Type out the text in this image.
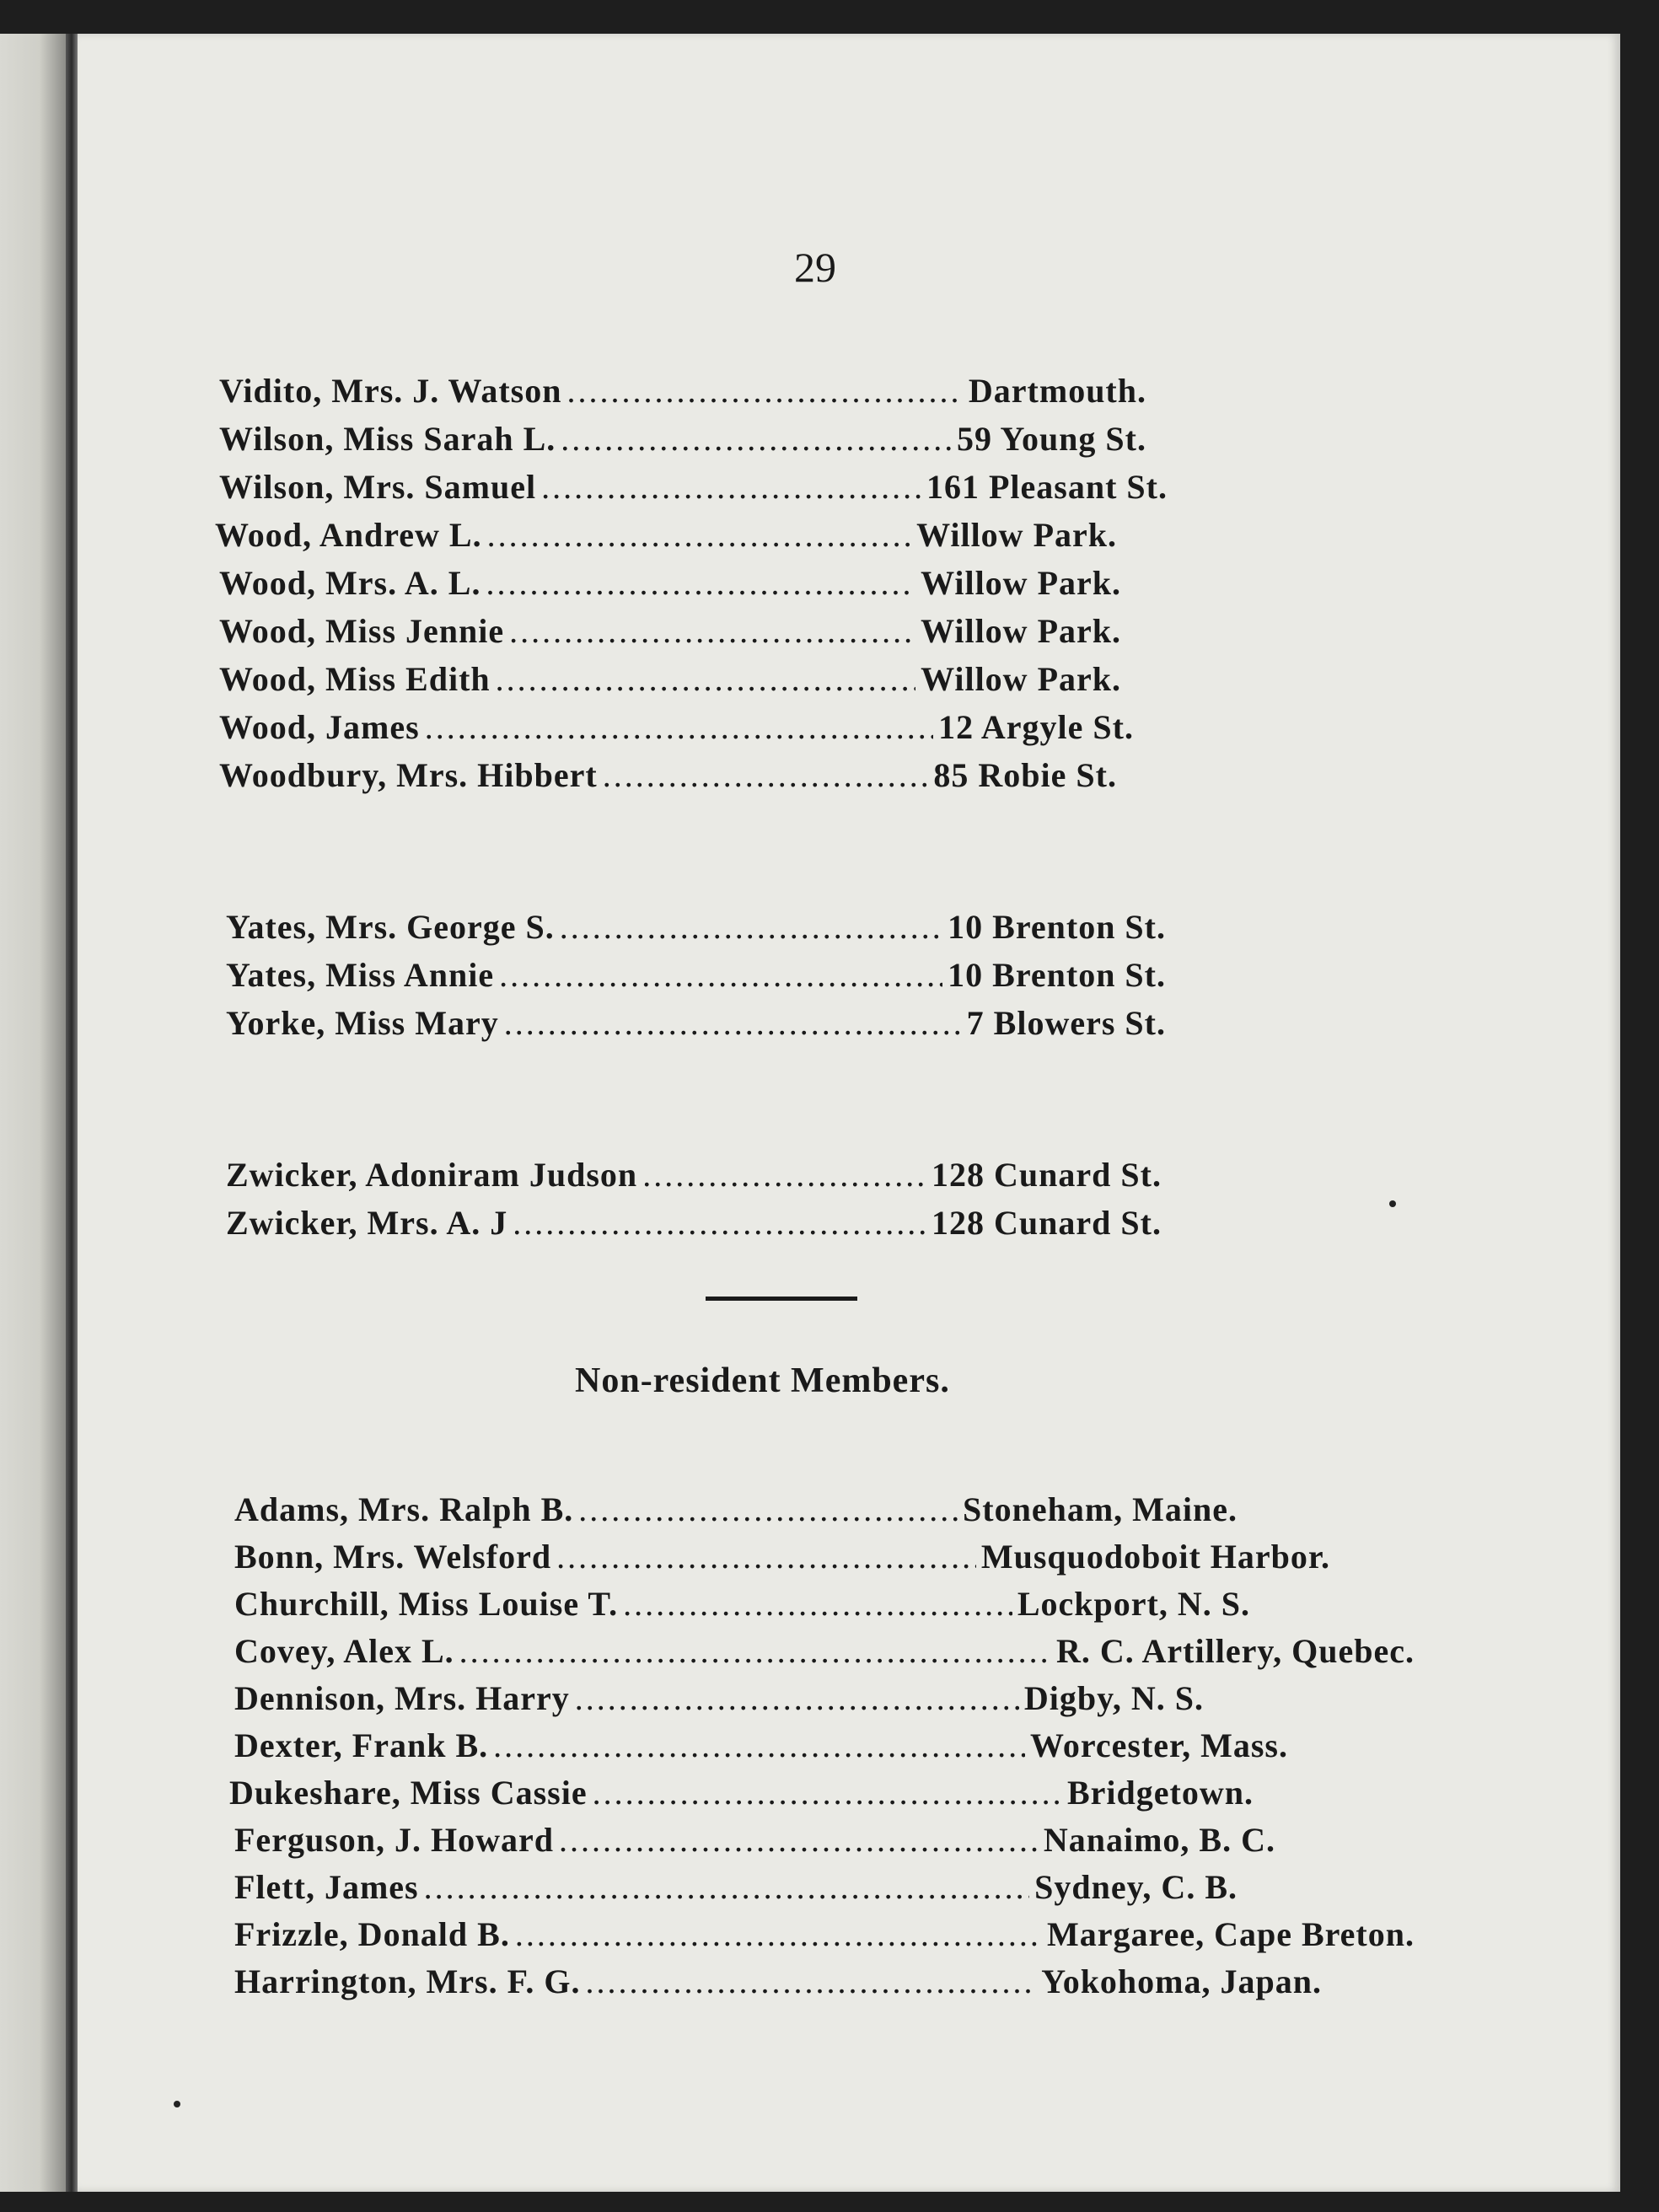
29
Vidito, Mrs. J. Watson .....	Dartmouth.
Wilson, Miss Sarah L. .....	59 Young St.
Wilson, Mrs. Samuel .....	161 Pleasant St.
Wood, Andrew L. .....	Willow Park.
Wood, Mrs. A. L. .....	Willow Park.
Wood, Miss Jennie .....	Willow Park.
Wood, Miss Edith .....	Willow Park.
Wood, James .....	12 Argyle St.
Woodbury, Mrs. Hibbert .....	85 Robie St.
Yates, Mrs. George S. .....	10 Brenton St.
Yates, Miss Annie .....	10 Brenton St.
Yorke, Miss Mary .....	7 Blowers St.
Zwicker, Adoniram Judson .....	128 Cunard St.
Zwicker, Mrs. A. J .....	128 Cunard St.
Non-resident Members.
Adams, Mrs. Ralph B. .....	Stoneham, Maine.
Bonn, Mrs. Welsford .....	Musquodoboit Harbor.
Churchill, Miss Louise T. .....	Lockport, N. S.
Covey, Alex L. .....	R. C. Artillery, Quebec.
Dennison, Mrs. Harry .....	Digby, N. S.
Dexter, Frank B. .....	Worcester, Mass.
Dukeshare, Miss Cassie .....	Bridgetown.
Ferguson, J. Howard .....	Nanaimo, B. C.
Flett, James .....	Sydney, C. B.
Frizzle, Donald B. .....	Margaree, Cape Breton.
Harrington, Mrs. F. G. .....	Yokohoma, Japan.
